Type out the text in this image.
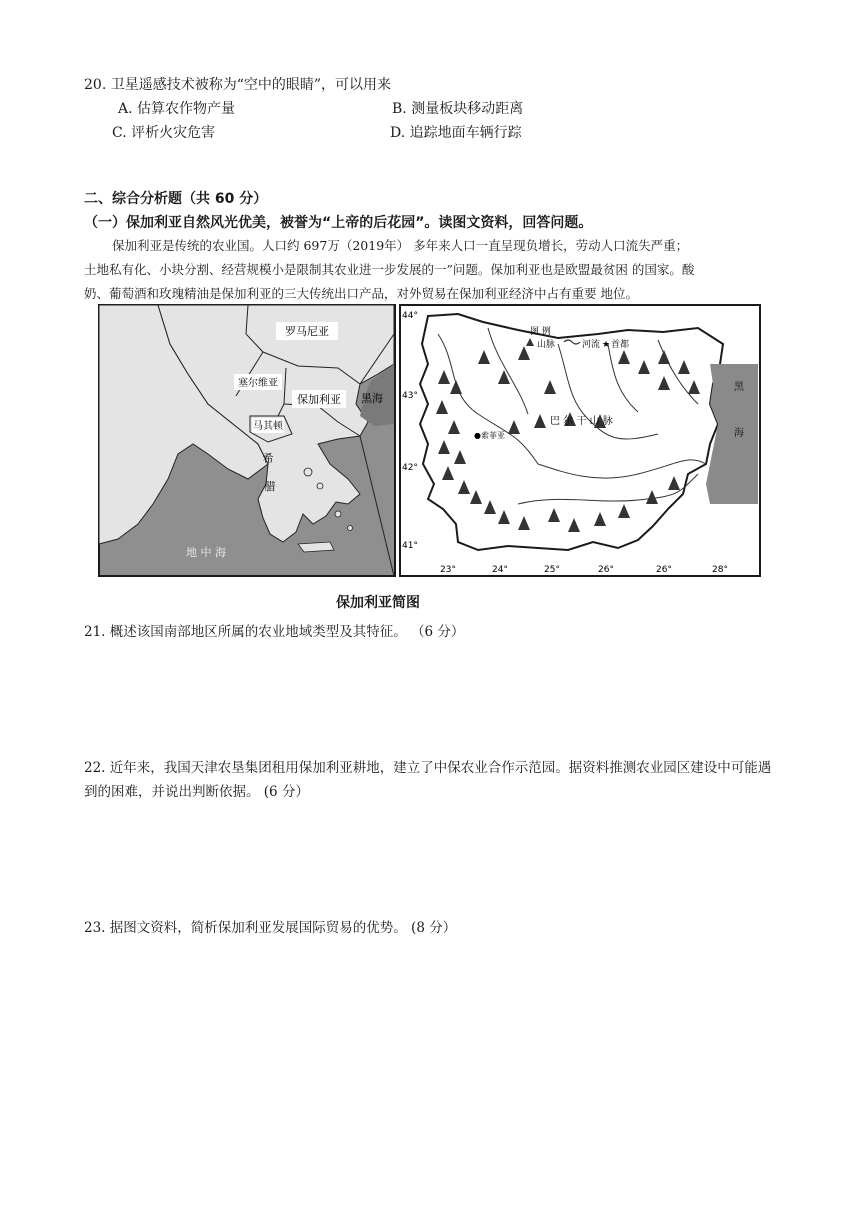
20. 卫星遥感技术被称为“空中的眼睛”，可以用来
A. 估算农作物产量	B. 测量板块移动距离
C. 评析火灾危害	D. 追踪地面车辆行踪
二、综合分析题（共 60 分）
（一）保加利亚自然风光优美，被誉为“上帝的后花园”。读图文资料，回答问题。

保加利亚是传统的农业国。人口约 697万（2019年） 多年来人口一直呈现负增长，劳动人口流失严重；

土地私有化、小块分割、经营规模小是限制其农业进一步发展的一”问题。保加利亚也是欧盟最贫困 的国家。酸

奶、葡萄酒和玫瑰精油是保加利亚的三大传统出口产品，对外贸易在保加利亚经济中占有重要 地位。

罗马尼亚
塞尔维亚
保加利亚 黑海
马其顿
希
腊
地 中 海
图 例
山脉	河流 ★ 首都
●索菲亚
巴 尔 干 山 脉
黑
海
44°
43°
42°
41°
23°	24°	25°	26°	26°	28°
保加利亚简图
21. 概述该国南部地区所属的农业地域类型及其特征。 （6 分）
22. 近年来，我国天津农垦集团租用保加利亚耕地，建立了中保农业合作示范园。据资料推测农业园区建设中可能遇到的困难，并说出判断依据。 (6 分）
23. 据图文资料，简析保加利亚发展国际贸易的优势。 (8 分）
